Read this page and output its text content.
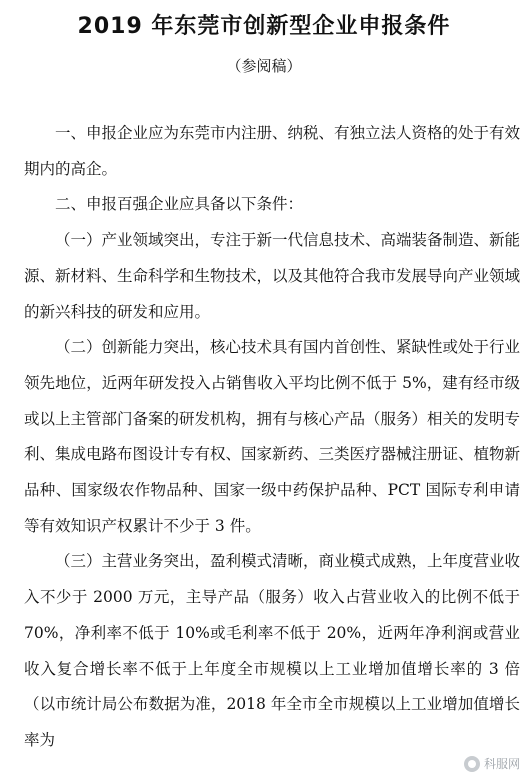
2019 年东莞市创新型企业申报条件
（参阅稿）

一、申报企业应为东莞市内注册、纳税、有独立法人资格的处于有效期内的高企。

二、申报百强企业应具备以下条件：

（一）产业领域突出，专注于新一代信息技术、高端装备制造、新能源、新材料、生命科学和生物技术，以及其他符合我市发展导向产业领域的新兴科技的研发和应用。

（二）创新能力突出，核心技术具有国内首创性、紧缺性或处于行业领先地位，近两年研发投入占销售收入平均比例不低于 5%，建有经市级或以上主管部门备案的研发机构，拥有与核心产品（服务）相关的发明专利、集成电路布图设计专有权、国家新药、三类医疗器械注册证、植物新品种、国家级农作物品种、国家一级中药保护品种、PCT 国际专利申请等有效知识产权累计不少于 3 件。

（三）主营业务突出，盈利模式清晰，商业模式成熟，上年度营业收入不少于 2000 万元，主导产品（服务）收入占营业收入的比例不低于 70%，净利率不低于 10%或毛利率不低于 20%，近两年净利润或营业收入复合增长率不低于上年度全市规模以上工业增加值增长率的 3 倍（以市统计局公布数据为准，2018 年全市全市规模以上工业增加值增长率为

科服网
